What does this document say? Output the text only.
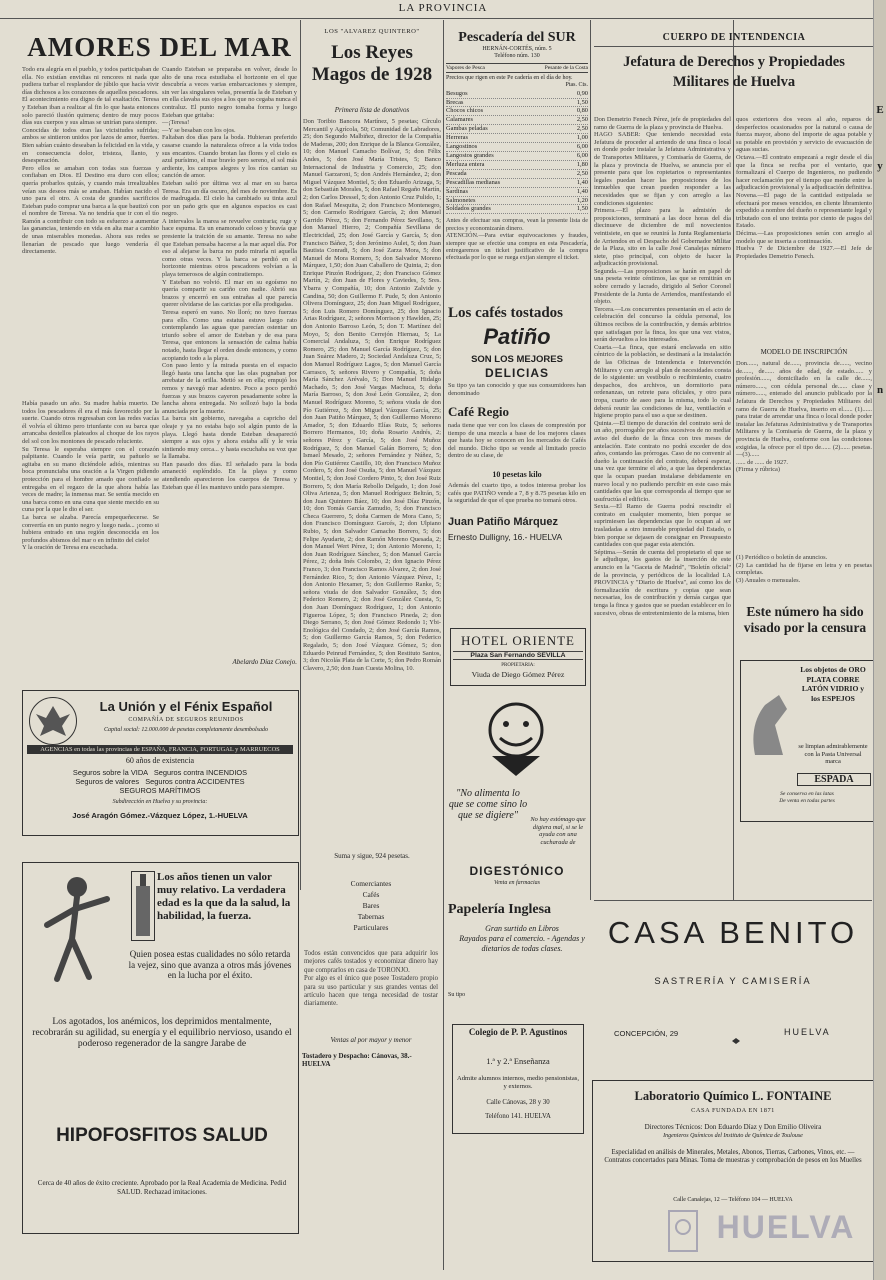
LA PROVINCIA
AMORES DEL MAR
Todo era alegría en el pueblo, y todos participaban de ella. No existían envidias ni rencores ni nada que pudiera turbar el resplandor de júbilo que hacía vivir días dichosos a los corazones de aquellos pescadores.
El acontecimiento era digno de tal exaltación. Teresa y Esteban iban a realizar al fin lo que hasta entonces solo pareció ilusión quimera; dentro de muy pocos días sus cuerpos y sus almas se unirían para siempre.
Conocidas de todos eran las vicisitudes sufridas; ambos se sintieron unidos por lazos de amor, fuertes. Bien sabían cuánto deseaban la felicidad en la vida, y en consecuencia dolor, tristeza, llanto, y desesperación.
Pero ellos se amaban con todas sus fuerzas y confiaban en Dios. El Destino era duro con ellos; quería probarlos quizás, y cuando más irrealizables veían sus deseos más se amaban. Habían nacido el uno para el otro. A costa de grandes sacrificios Esteban pudo comprar una barca a la que bautizó con el nombre de Teresa. Ya no tendría que ir con el tío Ramón a contribuir con todo su esfuerzo a aumentar las ganancias, teniendo en vida en alta mar a cambio de unas miserables monedas. Ahora sus redes se llenarían de pescado que luego vendería él directamente.
Había pasado un año. Su madre había muerto. De todos los pescadores él era el más favorecido por la suerte. Cuando otros regresaban con las redes vacías él volvía el último pero triunfante con su barca que arrancaba destellos plateados al choque de los rayos del sol con los montones de pescado reluciente.
Su Teresa le esperaba siempre con el corazón palpitante. Cuando le veía partir, su pañuelo se agitaba en su mano diciéndole adiós, mientras su boca pronunciaba una oración a la Virgen pidiendo protección para el hombre amado que confiado se entregaba en el regazo de la que ahora había las veces de madre; la inmensa mar. Se sentía mecido en una barca como en una cuna que siente mecido en su cuna por la que le dio el ser.
La barca se alzaba. Parecía empequeñecerse. Se convertía en un punto negro y luego nada... ¡como si hubiera entrado en una región desconocida en los profundos abismos del mar o en infinito del cielo!
Y la oración de Teresa era escuchada.
Cuando Esteban se preparaba en volver, desde lo alto de una roca estudiaba el horizonte en el que descubría a veces varias embarcaciones y siempre, sin ver las singulares velas, presentía la de Esteban y en ella clavaba sus ojos a los que no cegaba nunca el contraluz. El punto negro tomaba forma y luego Esteban que gritaba:
—¡Teresa!
—Y se besaban con los ojos.
Faltaban dos días para la boda. Hubieran preferido casarse cuando la naturaleza ofrece a la vida todos sus encantos. Cuando brotan las flores y el cielo es azul purísimo, el mar bravío pero sereno, el sol más ardiente, los campos alegres y los ríos cantan su canción de amor.
Esteban salió por última vez al mar en su barca Teresa. Era un día oscuro, del mes de noviembre. Es de madrugada. El cielo ha cambiado su tinta azul por un paño gris que en algunos espacios es casi negro.
A intervalos la marea se revuelve contraria; ruge y hace espuma. Es un enamorado celoso y bravía que presiente la traición de su amante. Teresa no sabe que Esteban pensaba hacerse a la mar aquel día. Por eso al alejarse la barca no pudo mirarla ni aquella como otras veces. Y la barca se perdió en el horizonte mientras otros pescadores volvían a la playa temerosos de algún contratiempo.
Y Esteban no volvió. El mar en su egoísmo no quería compartir su cariño con nadie. Abrió sus brazos y encerró en sus entrañas al que parecía querer olvidarse de las caricias por ella prodigadas.
Teresa esperó en vano. No lloró; no tuvo fuerzas para ello. Como una estatua estuvo largo rato contemplando las aguas que parecían ostentar un triunfo sobre el amor de Esteban y de esa para Teresa, que entonces la sensación de calma había notado, hasta llegar el orden desde entonces, y como acopiando todo a la playa.
Con paso lento y la mirada puesta en el espacio llegó hasta una lancha que las olas pugnaban por arrebatar de la orilla. Metió se en ella; empujó los remos y navegó mar adentro. Poco a poco perdió fuerzas y sus brazos cayeron pesadamente sobre la lancha ahora entregada. No sollozó bajo la boda anunciada por la muerte.
La barca sin gobierno, navegaba a capricho del oleaje y ya no estaba bajo sol algún punto de la playa. Llegó hasta donde Esteban desapareció siempre a sus ojos y ahora estaba allí y le veía sintiendo muy cerca... y hasta escuchaba su voz que la llamaba.
Han pasado dos días. El señalado para la boda amaneció espléndido. En la playa y como atendiendo aparecieron los cuerpos de Teresa y Esteban que él les mantuvo unido para siempre.
Abelardo Díaz Conejo.
La Unión y el Fénix Español
COMPAÑÍA DE SEGUROS REUNIDOS
Capital social: 12.000.000 de pesetas completamente desembolsado
AGENCIAS en todas las provincias de ESPAÑA, FRANCIA, PORTUGAL y MARRUECOS
60 años de existencia
Seguros sobre la VIDA   Seguros contra INCENDIOS
Seguros de valores   Seguros contra ACCIDENTES
SEGUROS MARÍTIMOS
Subdirección en Huelva y su provincia:
José Aragón Gómez.-Vázquez López, 1.-HUELVA
Los años tienen un valor muy relativo. La verdadera edad es la que da la salud, la habilidad, la fuerza.
Quien posea estas cualidades no sólo retarda la vejez, sino que avanza a otros más jóvenes en la lucha por el éxito.
Los agotados, los anémicos, los deprimidos mentalmente, recobrarán su agilidad, su energía y el equilibrio nervioso, usando el poderoso regenerador de la sangre Jarabe de
HIPOFOSFITOS SALUD
Cerca de 40 años de éxito creciente. Aprobado por la Real Academia de Medicina. Pedid SALUD. Rechazad imitaciones.
LOS "ALVAREZ QUINTERO"
Los Reyes Magos de 1928
Primera lista de donativos
Don Toribio Bancora Martínez, 5 pesetas; Círculo Mercantil y Agrícola, 50; Comunidad de Labradores, 25; don Segundo Malbiñez, director de la Compañía de Maderas, 200; don Enrique de la Blanca González, 10; don Manuel Camacho Bolívar, 5; don Félix Andes, 5; don José María Tristes, 5; Banco Internacional de Industria y Comercio, 25; don Manuel Garzaroni, 5; don Andrés Hernández, 2; don Miguel Vázquez Montiel, 5; don Eduardo Arizaga, 5; don Sebastián Morales, 5; don Rafael Regaño Martín, 2; don Carlos Dressel, 5; don Antonio Cruz Pulido, 1; don Rafael Mesquita, 2; don Francisco Montenegro, 5; don Carmelo Rodríguez García, 2; don Manuel Garrido Pérez, 5; don Fernando Pérez Sevillano, 5; don Manuel Hierro, 2; Compañía Sevillana de Electricidad, 25; don José García y García, 5; don Francisco Báñez, 5; don Jerónimo Aulet, 5; don Juan Bautista Conradi, 5; don José Zarza Mora, 5; don Manuel de Mora Romero, 5; don Salvador Moreno Márquez, 1,50; don Juan Caballero de Quinta, 2; don Enrique Pinzón Rodríguez, 2; don Francisco Gómez Martín, 2; don Juan de Flores y Caviedes, 5; Sres. Ybarra y Compañía, 10; don Antonio Zalvide y Candina, 50; don Guillermo F. Pude, 5; don Antonio Olivera Domínguez, 25; don Juan Miguel Rodríguez, 5; don Luis Romero Domínguez, 25; don Ignacio Arias Rodríguez, 2; señores Morrison y Hawlden, 25; don Antonio Barroso León, 5; don T. Martínez del Moyo, 5; don Benito Cerrejón Hiernau, 5; La Comercial Andaluza, 5; don Enrique Rodríguez Romero, 25; don Manuel García Rodríguez, 5; don Juan Suárez Madero, 2; Sociedad Andaluza Cruz, 5; don Manuel Rodríguez Lagos, 5; don Manuel García Carrasco, 5; señores Rivero y Compañía, 5; doña María Sánchez Arévalo, 5; Don Manuel Hidalgo Machado, 5; don José Vargas Machuca, 5; doña María Barroso, 5; don José León González, 2; don Manuel Rodríguez Moreno, 5; señora viuda de don Pío Gutiérrez, 5; don Miguel Vázquez García, 25; don Juan Patiño Márquez, 5; don Guillermo Moreno Amador, 5; don Eduardo Elías Ruiz, 5; señores Borrero Hermanos, 10; doña Rosario Andrés, 2; señores Pérez y García, 5; don José Muñoz Rodríguez, 5; don Manuel Galán Borrero, 5; don Ismael Mesado, 2; señores Fernández y Núñez, 5; don Pío Gutiérrez Castillo, 10; don Francisco Muñoz Cordero, 5; don José Osuña, 5; don Manuel Vázquez Montiel, 5; don José Cordero Pinto, 5; don José Ruiz Borrero, 5; don María Rebollo Delgado, 1; don José Oliva Arienza, 5; don Manuel Rodríguez Beltrán, 5; don Juan Quintero Báez, 10; don José Díaz Pinzón, 10; don Tomás García Zamudio, 5; don Francisco Checa Guerrero, 5; doña Carmen de Mora Cano, 5; don Francisco Domínguez Garcés, 2; don Ulpiano Rubio, 5; don Salvador Camacho Borrero, 5; don Felipe Ayudarte, 2; don Ramón Moreno Quesada, 2; don Manuel Wert Pérez, 1; don Antonio Moreno, 1; don Juan Rodríguez Sánchez, 5; don Manuel García Pérez, 2; doña Inés Colombo, 2; don Ignacio Pérez Franco, 3; don Francisco Ramos Alvarez, 2; don José Fernández Rico, 5; don Antonio Vázquez Pérez, 1; don Antonio Hexamer, 5; don Guillermo Ranke, 5; señora viuda de don Salvador González, 5; don Federico Romero, 2; don José González Cuesta, 5; don Juan Domínguez Rodríguez, 1; don Antonio Figueroa López, 5; don Francisco Pineda, 2; don Diego Serrano, 5; don José Gómez Redondo 1; Ybi-Enológica del Condado, 2; don José García Ramos, 5; don Guillermo García Ramos, 5; don Federico Regalado, 5; don José Vázquez Gómez, 5; don Eduardo Peinrud Fernández, 5; don Restituto Santos, 3; don Nicolás Plata de la Corte, 5; don Pedro Román Clavero, 2,50; don Juan Cuesta Molina, 10.
Suma y sigue, 924 pesetas.
Comerciantes
Cafés
Bares
Tabernas
Particulares
Todos están convencidos que para adquirir los mejores cafés tostados y economizar dinero hay que comprarlos en casa de TORONJO.
Por algo es el único que posee Tostadero propio para su uso particular y sus grandes ventas del artículo hacen que tenga necesidad de tostar diariamente.
Ventas al por mayor y menor
Tostadero y Despacho: Cánovas, 38.-HUELVA
Pescadería del SUR
HERNÁN-CORTÉS, núm. 5
Teléfono núm. 130
Vapores de Pesca	Pesante de la Costa
Precios que rigen en este Pe cadería en el día de hoy.
Ptas. Cts.
Besugos	0,90
Brecas	1,50
Chocos chicos	0,80
Calamares	2,50
Gambas peladas	2,50
Herreras	1,00
Langostinos	6,00
Langostos grandes	6,00
Merluza entera	1,80
Pescada	2,50
Pescadillas medianas	1,40
Sardinas	1,40
Salmonetes	1,20
Soldados grandes	1,50
Antes de efectuar sus compras, vean la presente lista de precios y economizarán dinero.
ATENCIÓN.—Para evitar equivocaciones y fraudes, siempre que se efectúe una compra en esta Pescadería, entregaremos un ticket justificativo de la compra efectuada por lo que se ruega exijan siempre el ticket.
Los cafés tostados
Patiño
SON LOS MEJORES
DELICIAS
Su tipo ya tan conocido y que sus consumidores han denominado
Café Regio
nada tiene que ver con los clases de compresión por tiempo de una mezcla a base de los mejores clases que hasta hoy se conocen en los mercados de Cafés del mundo. Dicho tipo se vende al limitado precio dentro de su clase, de
10 pesetas kilo
Además del cuarto tipo, a todos interesa probar los cafés que PATIÑO vende a 7, 8 y 8.75 pesetas kilo en la seguridad de que el que prueba no tomará otros.
Juan Patiño Márquez
Ernesto Dulligny, 16.- HUELVA
HOTEL ORIENTE
Plaza San Fernando SEVILLA
PROPIETARIA:
Viuda de Diego Gómez Pérez
"No alimenta lo que se come sino lo que se digiere"	No hay estómago que digiera mal, si se le ayuda con una cucharada de
DIGESTÓNICO
Venta en farmacias
Papelería Inglesa
Gran surtido en Libros
Rayados para el comercio. - Agendas y dietarios de todas clases.
Su tipo
Colegio de P. P. Agustinos
1.ª y 2.ª Enseñanza
Admite alumnos internos, medio pensionistas, y externos.
Calle Cánovas, 28 y 30
Teléfono 141. HUELVA
CUERPO DE INTENDENCIA
Jefatura de Derechos y Propiedades Militares de Huelva
Don Demetrio Fenech Pérez, jefe de propiedades del ramo de Guerra de la plaza y provincia de Huelva.
HAGO SABER: Que teniendo necesidad esta Jefatura de proceder al arriendo de una finca o local en donde poder instalar la Jefatura Administrativa y de Transportes Militares, y Comisaría de Guerra, de la plaza y provincia de Huelva, se anuncia por el presente para que los ropietarios o representantes legales puedan hacer las proposiciones de los inmuebles que crean pueden responder a las necesidades que se fijan y con arreglo a las condiciones siguientes:
Primera.—El plazo para la admisión de proposiciones, terminará a las doce horas del día diecinueve de diciembre de mil novecientos veintisiete, en que se reunirá la Junta Reglamentaria de Arriendos en el Despacho del Gobernador Militar de la Plaza, sito en la calle José Canalejas número siete, piso principal, con objeto de hacer la adjudicación provisional.
Segunda.—Las proposiciones se harán en papel de una peseta veinte céntimos, las que se remitirán en sobre cerrado y lacrado, dirigido al Señor Coronel Presidente de la Junta de Arriendos, manifestando el objeto.
Tercera.—Los concurrentes presentarán en el acto de celebración del concurso la cédula personal, los últimos recibos de la contribución, y demás arbitrios que satisfagan por la finca, los que una vez vistos, serán devueltos a los interesados.
Cuarta.—La finca, que estará enclavada en sitio céntrico de la población, se destinará a la instalación de las Oficinas de Intendencia e Intervención Militares y con arreglo al plan de necesidades consta de lo siguiente: un vestíbulo o recibimiento, cuatro despachos, dos archivos, un dormitorio para ordenanzas, un retrete para oficiales, y otro para tropa, cuarto de aseo para la misma, todo lo cual deberá reunir las condiciones de luz, ventilación e higiene propio para el uso a que se destinen.
Quinta.—El tiempo de duración del contrato será de un año, prorrogable por años sucesivos de no mediar aviso del dueño de la finca con tres meses de antelación. Este contrato no podrá exceder de dos años, contando las prórrogas. Caso de no convenir al dueño la continuación del contrato, deberá esperar, una vez que termine el año, a que las dependencias que la ocupan puedan instalarse debidamente en nuevo local y no pudiendo percibir en este caso más cantidades que las que corresponda al tiempo que se usufructúa el edificio.
Sexta.—El Ramo de Guerra podrá rescindir el contrato en cualquier momento, bien porque se suprimiesen las dependencias que lo ocupan al ser trasladadas a otro inmueble propiedad del Estado, o bien porque se dejasen de consignar en Presupuesto cantidades con que pagar esta atención.
Séptima.—Serán de cuenta del propietario el que se le adjudique, los gastos de la inserción de este anuncio en la "Gaceta de Madrid", "Boletín oficial" de la provincia, y periódicos de la localidad LA PROVINCIA y "Diario de Huelva", así como los de formalización de escritura y copias que sean necesarias, los de contribución y demás cargas que tenga la finca y gastos que se puedan establecer en lo sucesivo, obras de entretenimiento de la misma, bien
quos exteriores dos veces al año, reparos de desperfectos ocasionados por la natural o causa de fuerza mayor, abono del importe de agua potable y su potable en provisión y servicio de evacuación de aguas sucias.
Octava.—El contrato empezará a regir desde el día que la finca se reciba por el ventario, que formalizará el Cuerpo de Ingenieros, no pudiendo hacer reclamación por el tiempo que medie entre la adjudicación provisional y la adjudicación definitiva.
Novena.—El pago de la cantidad estipulada se efectuará por meses vencidos, en cliente libramiento expedido a nombre del dueño o representante legal y tributado con el uno treinta por ciento de pagos del Estado.
Décima.—Las proposiciones serán con arreglo al modelo que se inserta a continuación.
Huelva 7 de Diciembre de 1927.—El Jefe de Propiedades Demetrio Fenech.
MODELO DE INSCRIPCIÓN
Don......, natural de......, provincia de......, vecino de......, de...... años de edad, de estado...... y profesión......, domiciliado en la calle de......, número......, con cédula personal de...... clase y número......, enterado del anuncio publicado por la Jefatura de Derechos y Propiedades Militares del ramo de Guerra de Huelva, inserto en el...... (1)...... para tratar de arrendar una finca o local donde poder instalar las Jefaturas Administrativa y de Transportes Militares y la Comisaría de Guerra, de la plaza y provincia de Huelva, conforme con las condiciones exigidas, la ofrece por el tipo de...... (2)...... pesetas.—(3)......
...... de ...... de 1927.
(Firma y rúbrica)
(1) Periódico o boletín de anuncios.
(2) La cantidad ha de fijarse en letra y en pesetas completas.
(3) Anuales o mensuales.
Este número ha sido visado por la censura
Los objetos de ORO PLATA COBRE LATÓN VIDRIO y los ESPEJOS
se limpian admirablemente con la Pasta Universal marca
ESPADA
Se conserva en las latas
De venta en todas partes
CASA BENITO
SASTRERÍA Y CAMISERÍA
CONCEPCIÓN, 29	HUELVA
Laboratorio Químico L. FONTAINE
CASA FUNDADA EN 1871
Directores Técnicos: Don Eduardo Díaz y Don Emilio Oliveira
Ingenieros Químicos del Instituto de Química de Toulouse
Especialidad en análisis de Minerales, Metales, Abonos, Tierras, Carbones, Vinos, etc. — Contratos concertados para Minas. Toma de muestras y comprobación de pesos en los Muelles
Calle Canalejas, 12 — Teléfono 104 — HUELVA
HUELVA
E
y
n
